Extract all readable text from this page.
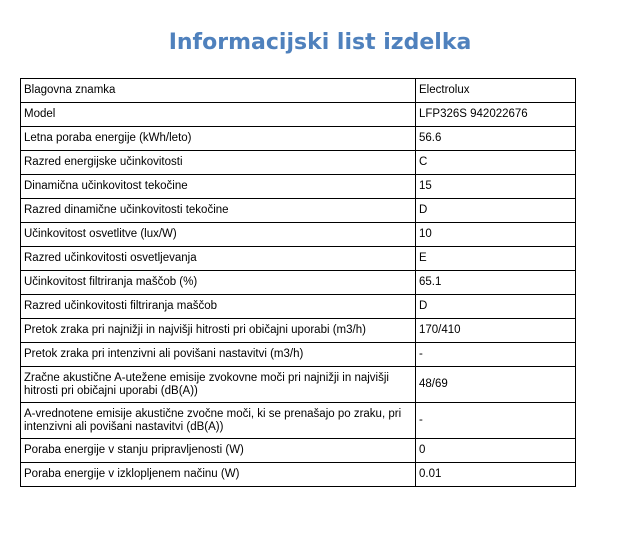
Informacijski list izdelka
Blagovna znamka	Electrolux
Model	LFP326S 942022676
Letna poraba energije (kWh/leto)	56.6
Razred energijske učinkovitosti	C
Dinamična učinkovitost tekočine	15
Razred dinamične učinkovitosti tekočine	D
Učinkovitost osvetlitve (lux/W)	10
Razred učinkovitosti osvetljevanja	E
Učinkovitost filtriranja maščob (%)	65.1
Razred učinkovitosti filtriranja maščob	D
Pretok zraka pri najnižji in najvišji hitrosti pri običajni uporabi (m3/h)	170/410
Pretok zraka pri intenzivni ali povišani nastavitvi (m3/h)	-
Zračne akustične A-utežene emisije zvokovne moči pri najnižji in najvišji hitrosti pri običajni uporabi (dB(A))	48/69
A-vrednotene emisije akustične zvočne moči, ki se prenašajo po zraku, pri intenzivni ali povišani nastavitvi (dB(A))	-
Poraba energije v stanju pripravljenosti (W)	0
Poraba energije v izklopljenem načinu (W)	0.01
